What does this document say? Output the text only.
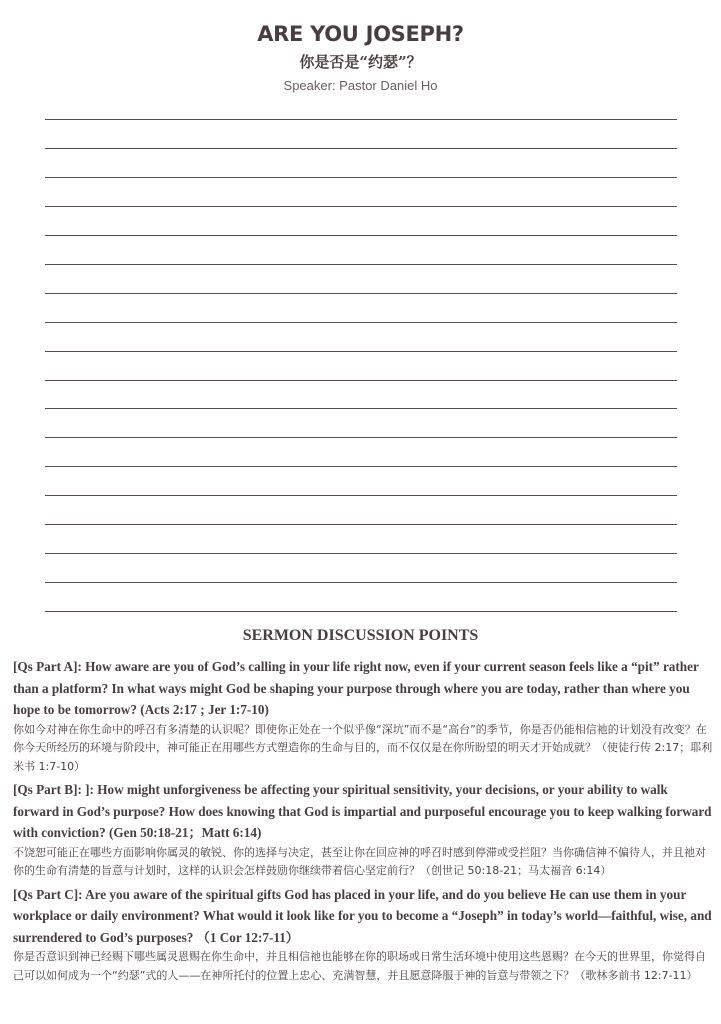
ARE YOU JOSEPH?
你是否是“约瑟”？
Speaker: Pastor Daniel Ho
SERMON DISCUSSION POINTS
[Qs Part A]: How aware are you of God’s calling in your life right now, even if your current season feels like a “pit” rather than a platform? In what ways might God be shaping your purpose through where you are today, rather than where you hope to be tomorrow? (Acts 2:17 ; Jer 1:7-10)
你如今对神在你生命中的呼召有多清楚的认识呢？即使你正处在一个似乎像“深坑”而不是“高台”的季节，你是否仍能相信祂的计划没有改变？在你今天所经历的环境与阶段中，神可能正在用哪些方式塑造你的生命与目的，而不仅仅是在你所盼望的明天才开始成就？（使徒行传 2:17；耶利米书 1:7-10）
[Qs Part B]: ]: How might unforgiveness be affecting your spiritual sensitivity, your decisions, or your ability to walk forward in God’s purpose? How does knowing that God is impartial and purposeful encourage you to keep walking forward with conviction? (Gen 50:18-21；Matt 6:14)
不饶恕可能正在哪些方面影响你属灵的敏锐、你的选择与决定，甚至让你在回应神的呼召时感到停滞或受拦阻？当你确信神不偏待人，并且祂对你的生命有清楚的旨意与计划时，这样的认识会怎样鼓励你继续带着信心坚定前行？（创世记 50:18-21；马太福音 6:14）
[Qs Part C]: Are you aware of the spiritual gifts God has placed in your life, and do you believe He can use them in your workplace or daily environment? What would it look like for you to become a “Joseph” in today’s world—faithful, wise, and surrendered to God’s purposes? （1 Cor 12:7-11）
你是否意识到神已经赐下哪些属灵恩赐在你生命中，并且相信祂也能够在你的职场或日常生活环境中使用这些恩赐？在今天的世界里，你觉得自己可以如何成为一个“约瑟”式的人——在神所托付的位置上忠心、充满智慧，并且愿意降服于神的旨意与带领之下？（歌林多前书 12:7-11）
